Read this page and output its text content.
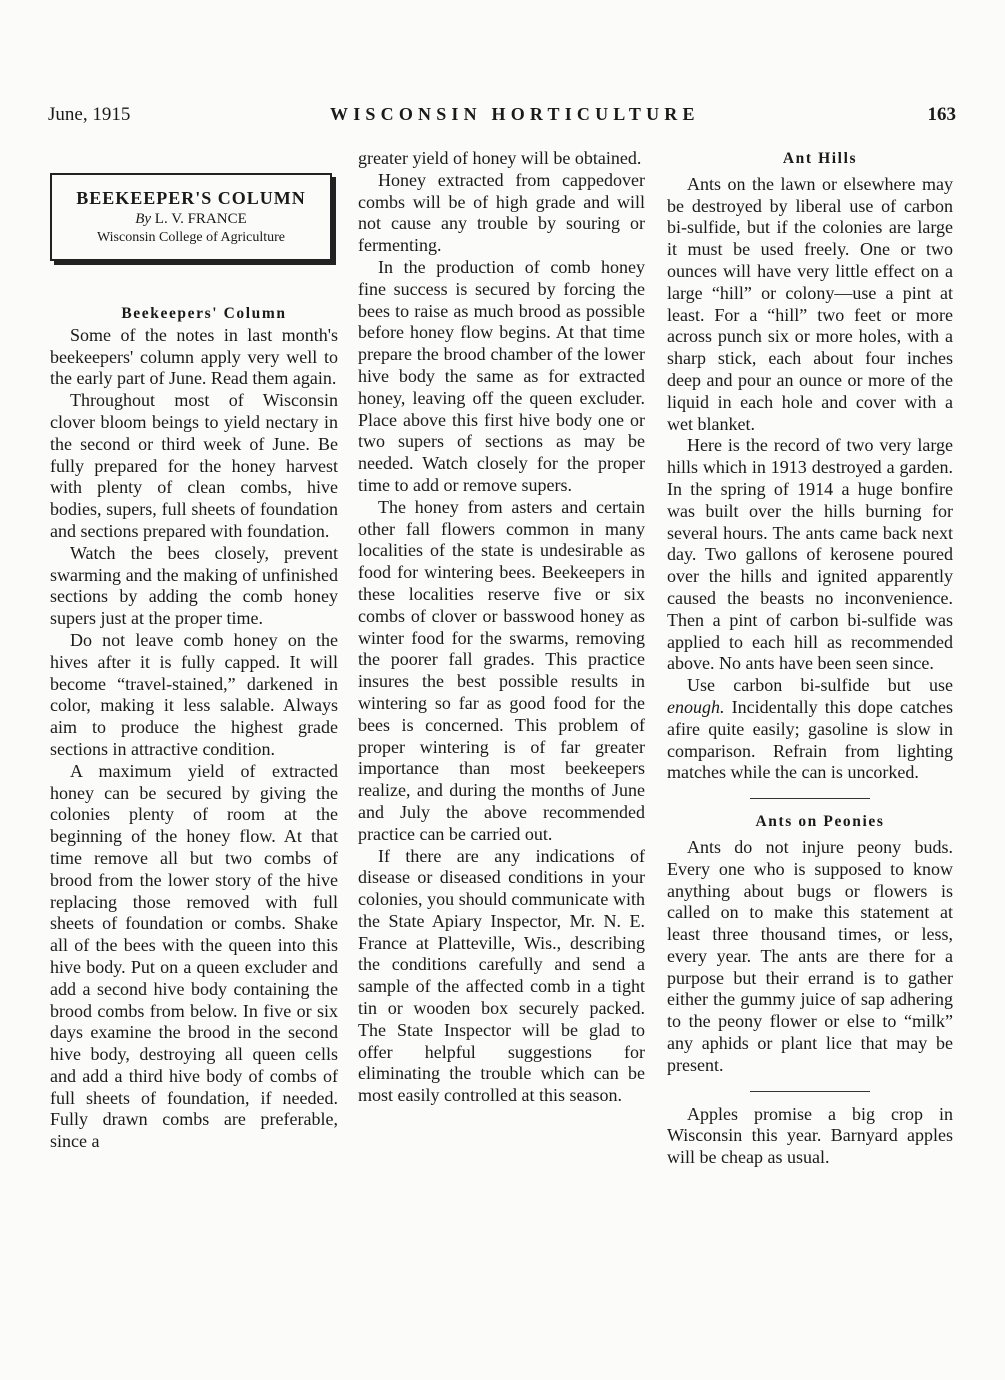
June, 1915	WISCONSIN HORTICULTURE	163
BEEKEEPER'S COLUMN
By L. V. FRANCE
Wisconsin College of Agriculture

Beekeepers' Column

Some of the notes in last month's beekeepers' column apply very well to the early part of June. Read them again.

Throughout most of Wisconsin clover bloom beings to yield nectary in the second or third week of June. Be fully prepared for the honey harvest with plenty of clean combs, hive bodies, supers, full sheets of foundation and sections prepared with foundation.

Watch the bees closely, prevent swarming and the making of unfinished sections by adding the comb honey supers just at the proper time.

Do not leave comb honey on the hives after it is fully capped. It will become “travel-stained,” darkened in color, making it less salable. Always aim to produce the highest grade sections in attractive condition.

A maximum yield of extracted honey can be secured by giving the colonies plenty of room at the beginning of the honey flow. At that time remove all but two combs of brood from the lower story of the hive replacing those removed with full sheets of foundation or combs. Shake all of the bees with the queen into this hive body. Put on a queen excluder and add a second hive body containing the brood combs from below. In five or six days examine the brood in the second hive body, destroying all queen cells and add a third hive body of combs of full sheets of foundation, if needed. Fully drawn combs are preferable, since a

greater yield of honey will be obtained.

Honey extracted from cappedover combs will be of high grade and will not cause any trouble by souring or fermenting.

In the production of comb honey fine success is secured by forcing the bees to raise as much brood as possible before honey flow begins. At that time prepare the brood chamber of the lower hive body the same as for extracted honey, leaving off the queen excluder. Place above this first hive body one or two supers of sections as may be needed. Watch closely for the proper time to add or remove supers.

The honey from asters and certain other fall flowers common in many localities of the state is undesirable as food for wintering bees. Beekeepers in these localities reserve five or six combs of clover or basswood honey as winter food for the swarms, removing the poorer fall grades. This practice insures the best possible results in wintering so far as good food for the bees is concerned. This problem of proper wintering is of far greater importance than most beekeepers realize, and during the months of June and July the above recommended practice can be carried out.

If there are any indications of disease or diseased conditions in your colonies, you should communicate with the State Apiary Inspector, Mr. N. E. France at Platteville, Wis., describing the conditions carefully and send a sample of the affected comb in a tight tin or wooden box securely packed. The State Inspector will be glad to offer helpful suggestions for eliminating the trouble which can be most easily controlled at this season.

Ant Hills

Ants on the lawn or elsewhere may be destroyed by liberal use of carbon bi-sulfide, but if the colonies are large it must be used freely. One or two ounces will have very little effect on a large “hill” or colony—use a pint at least. For a “hill” two feet or more across punch six or more holes, with a sharp stick, each about four inches deep and pour an ounce or more of the liquid in each hole and cover with a wet blanket.

Here is the record of two very large hills which in 1913 destroyed a garden. In the spring of 1914 a huge bonfire was built over the hills burning for several hours. The ants came back next day. Two gallons of kerosene poured over the hills and ignited apparently caused the beasts no inconvenience. Then a pint of carbon bi-sulfide was applied to each hill as recommended above. No ants have been seen since.

Use carbon bi-sulfide but use enough. Incidentally this dope catches afire quite easily; gasoline is slow in comparison. Refrain from lighting matches while the can is uncorked.

Ants on Peonies

Ants do not injure peony buds. Every one who is supposed to know anything about bugs or flowers is called on to make this statement at least three thousand times, or less, every year. The ants are there for a purpose but their errand is to gather either the gummy juice of sap adhering to the peony flower or else to “milk” any aphids or plant lice that may be present.

Apples promise a big crop in Wisconsin this year. Barnyard apples will be cheap as usual.
